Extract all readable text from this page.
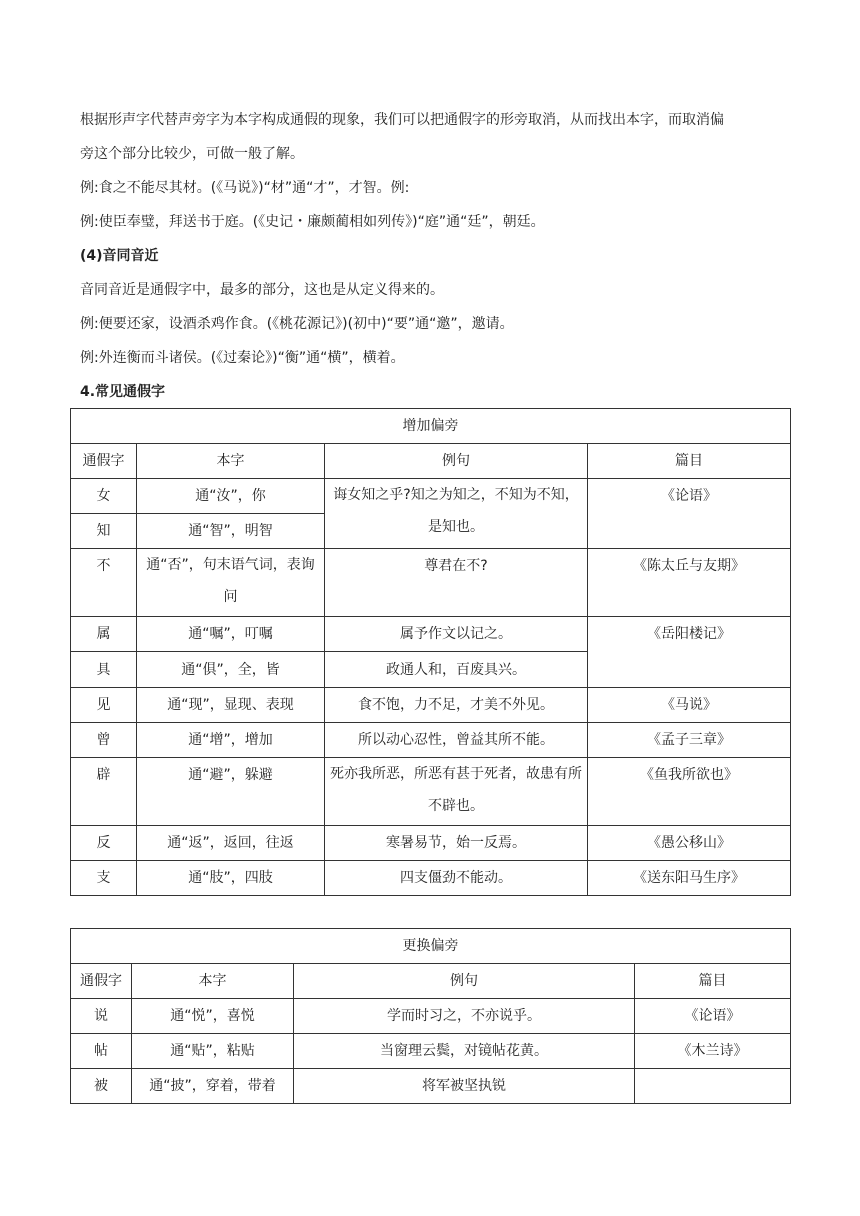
根据形声字代替声旁字为本字构成通假的现象，我们可以把通假字的形旁取消，从而找出本字，而取消偏
旁这个部分比较少，可做一般了解。
例:食之不能尽其材。(《马说》)“材”通“才”，才智。例:
例:使臣奉璧，拜送书于庭。(《史记・廉颇蔺相如列传》)“庭”通“廷”，朝廷。
(4)音同音近
音同音近是通假字中，最多的部分，这也是从定义得来的。
例:便要还家，设酒杀鸡作食。(《桃花源记》)(初中)“要”通“邀”，邀请。
例:外连衡而斗诸侯。(《过秦论》)“衡”通“横”，横着。
4.常见通假字
增加偏旁			
通假字	本字	例句	篇目
女	通“汝”，你	诲女知之乎?知之为知之，不知为不知，是知也。	《论语》
知	通“智”，明智		
不	通“否”，句末语气词，表询问	尊君在不?	《陈太丘与友期》
属	通“嘱”，叮嘱	属予作文以记之。	《岳阳楼记》
具	通“俱”，全，皆	政通人和，百废具兴。	
见	通“现”，显现、表现	食不饱，力不足，才美不外见。	《马说》
曾	通“增”，增加	所以动心忍性，曾益其所不能。	《孟子三章》
辟	通“避”，躲避	死亦我所恶，所恶有甚于死者，故患有所不辟也。	《鱼我所欲也》
反	通“返”，返回，往返	寒暑易节，始一反焉。	《愚公移山》
支	通“肢”，四肢	四支僵劲不能动。	《送东阳马生序》
更换偏旁			
通假字	本字	例句	篇目
说	通“悦”，喜悦	学而时习之，不亦说乎。	《论语》
帖	通“贴”，粘贴	当窗理云鬓，对镜帖花黄。	《木兰诗》
被	通“披”，穿着，带着	将军被坚执锐	
